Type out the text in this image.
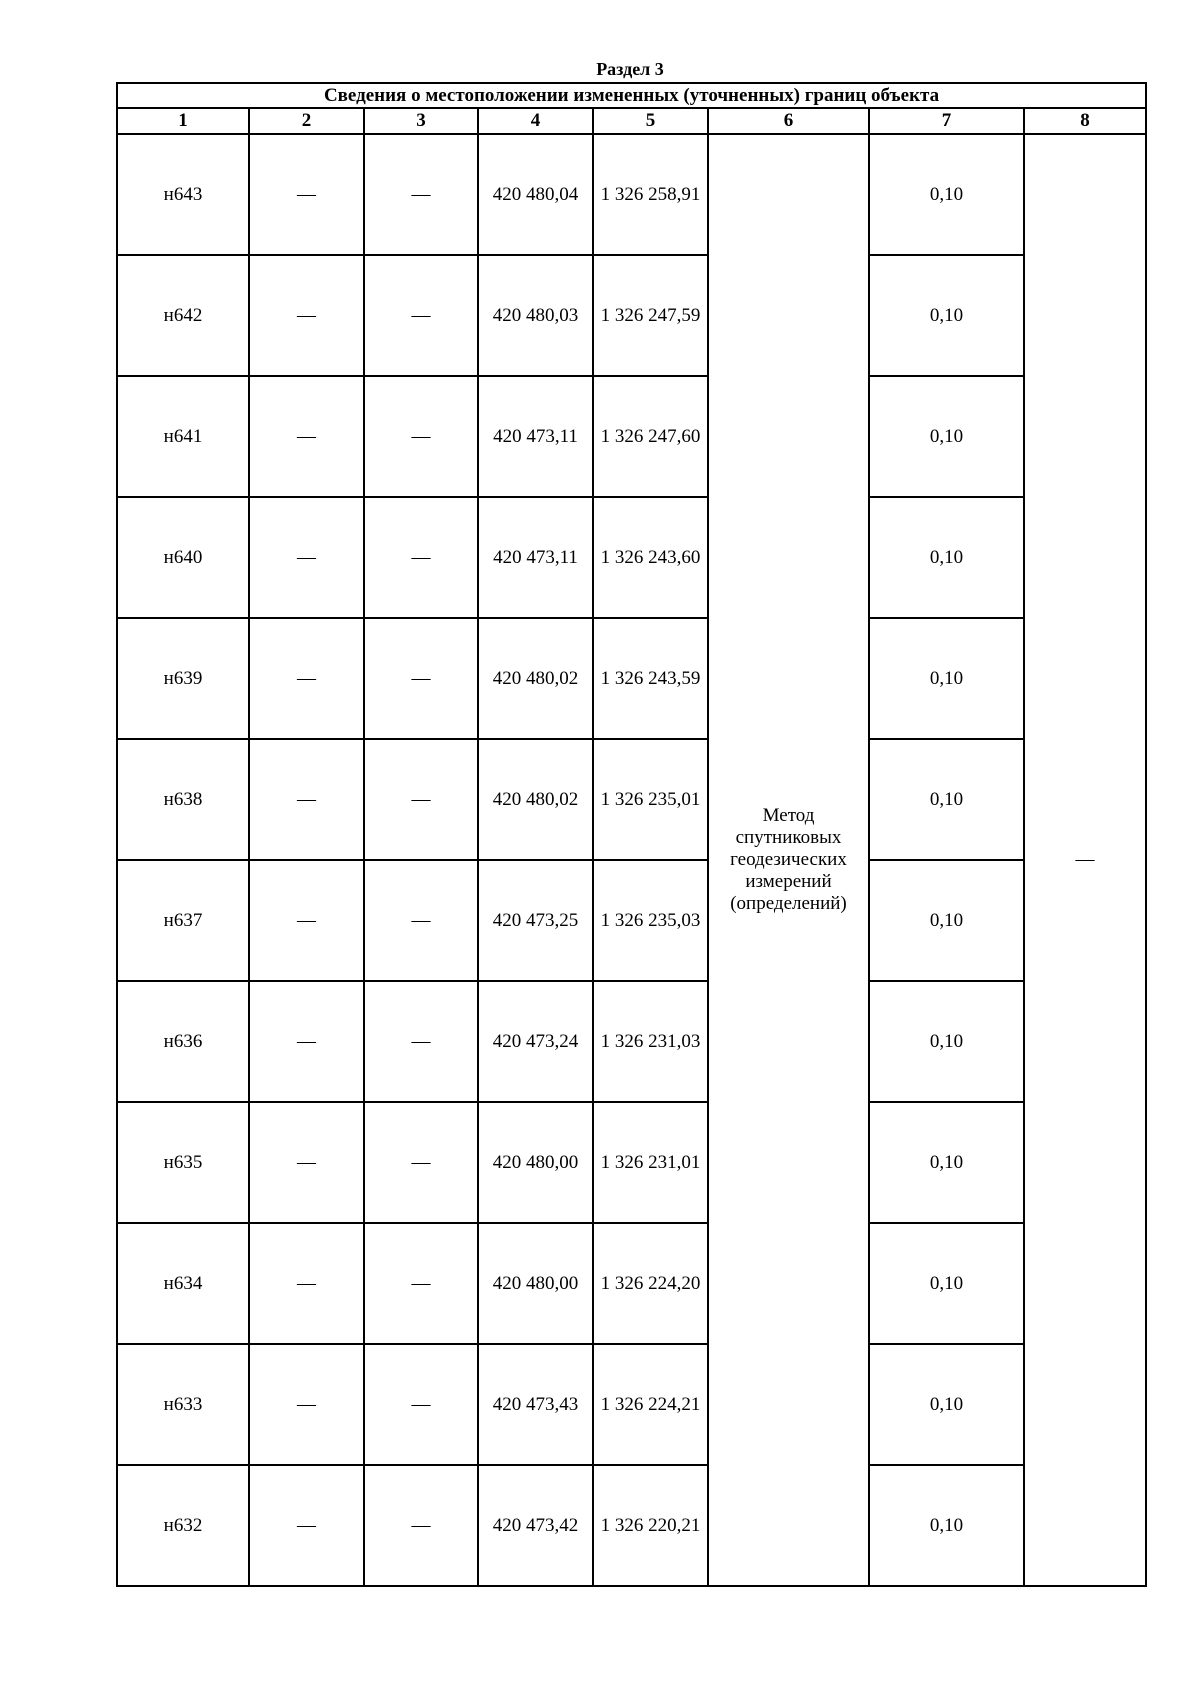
Раздел 3
Сведения о местоположении измененных (уточненных) границ объекта							
1	2	3	4	5	6	7	8
н643	—	—	420 480,04	1 326 258,91	Метод спутниковых геодезических измерений (определений)	0,10	—
н642	—	—	420 480,03	1 326 247,59		0,10	
н641	—	—	420 473,11	1 326 247,60		0,10	
н640	—	—	420 473,11	1 326 243,60		0,10	
н639	—	—	420 480,02	1 326 243,59		0,10	
н638	—	—	420 480,02	1 326 235,01		0,10	
н637	—	—	420 473,25	1 326 235,03		0,10	
н636	—	—	420 473,24	1 326 231,03		0,10	
н635	—	—	420 480,00	1 326 231,01		0,10	
н634	—	—	420 480,00	1 326 224,20		0,10	
н633	—	—	420 473,43	1 326 224,21		0,10	
н632	—	—	420 473,42	1 326 220,21		0,10	
